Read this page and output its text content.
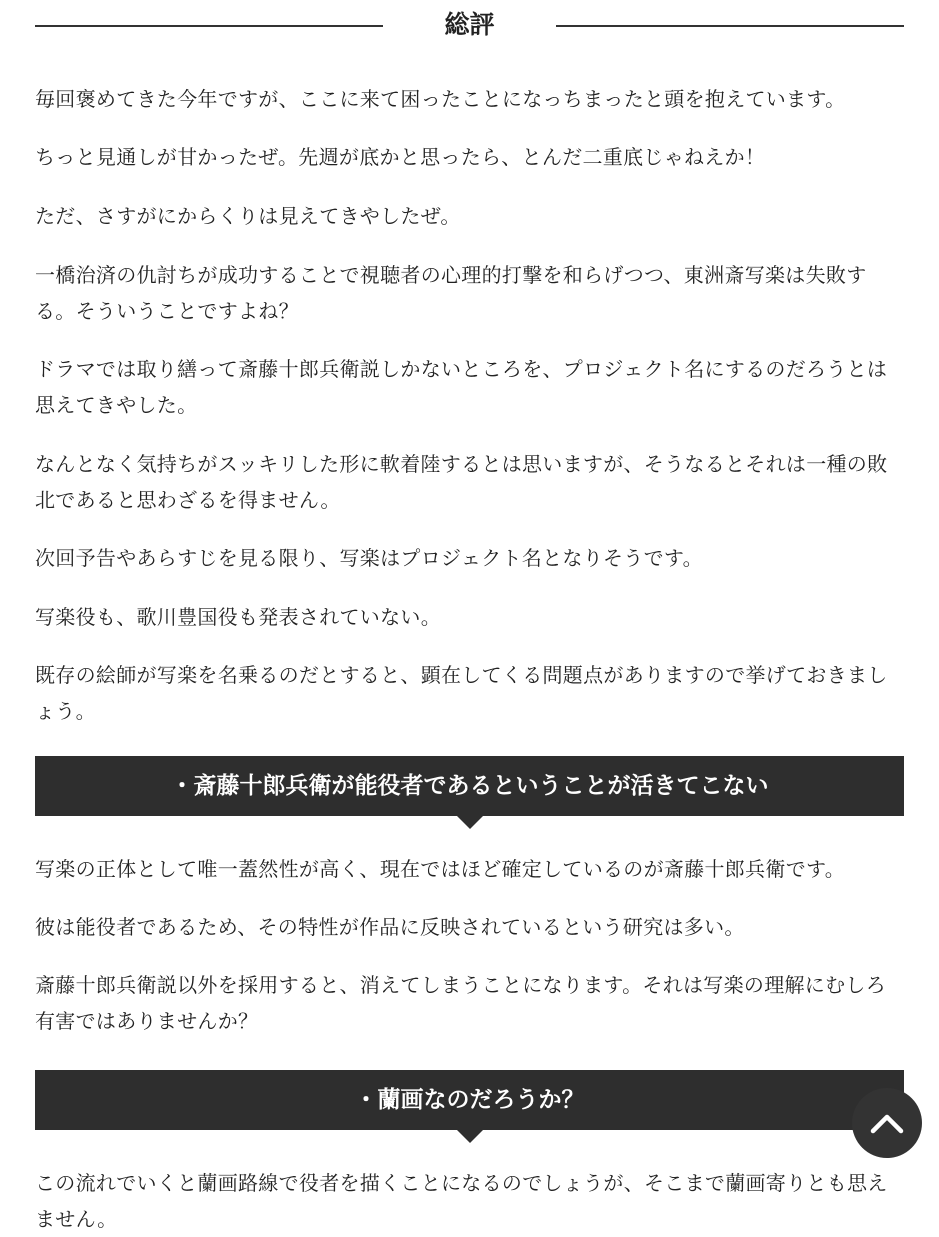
総評

毎回褒めてきた今年ですが、ここに来て困ったことになっちまったと頭を抱えています。

ちっと見通しが甘かったぜ。先週が底かと思ったら、とんだ二重底じゃねえか！

ただ、さすがにからくりは見えてきやしたぜ。

一橋治済の仇討ちが成功することで視聴者の心理的打撃を和らげつつ、東洲斎写楽は失敗する。そういうことですよね？

ドラマでは取り繕って斎藤十郎兵衛説しかないところを、プロジェクト名にするのだろうとは思えてきやした。

なんとなく気持ちがスッキリした形に軟着陸するとは思いますが、そうなるとそれは一種の敗北であると思わざるを得ません。

次回予告やあらすじを見る限り、写楽はプロジェクト名となりそうです。

写楽役も、歌川豊国役も発表されていない。

既存の絵師が写楽を名乗るのだとすると、顕在してくる問題点がありますので挙げておきましょう。

・斎藤十郎兵衛が能役者であるということが活きてこない

写楽の正体として唯一蓋然性が高く、現在ではほど確定しているのが斎藤十郎兵衛です。

彼は能役者であるため、その特性が作品に反映されているという研究は多い。

斎藤十郎兵衛説以外を採用すると、消えてしまうことになります。それは写楽の理解にむしろ有害ではありませんか？

・蘭画なのだろうか？

この流れでいくと蘭画路線で役者を描くことになるのでしょうが、そこまで蘭画寄りとも思えません。
